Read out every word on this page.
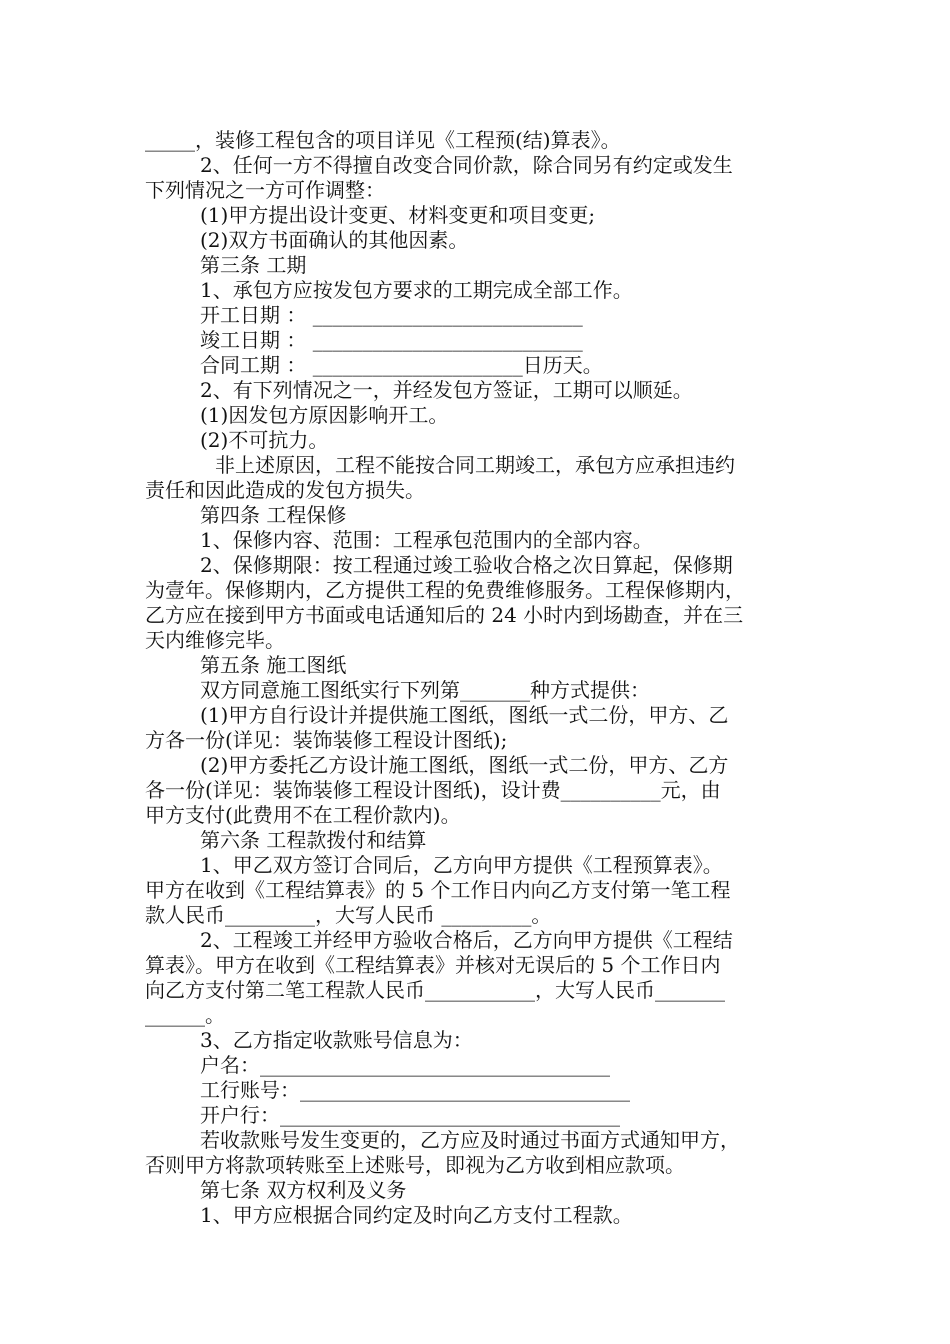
_____，装修工程包含的项目详见《工程预(结)算表》。
2、任何一方不得擅自改变合同价款，除合同另有约定或发生
下列情况之一方可作调整：
(1)甲方提出设计变更、材料变更和项目变更;
(2)双方书面确认的其他因素。
第三条 工期
1、承包方应按发包方要求的工期完成全部工作。
开工日期 ： ___________________________
竣工日期 ： ___________________________
合同工期 ： _____________________日历天。
2、有下列情况之一，并经发包方签证，工期可以顺延。
(1)因发包方原因影响开工。
(2)不可抗力。
非上述原因，工程不能按合同工期竣工，承包方应承担违约
责任和因此造成的发包方损失。
第四条 工程保修
1、保修内容、范围：工程承包范围内的全部内容。
2、保修期限：按工程通过竣工验收合格之次日算起，保修期
为壹年。保修期内，乙方提供工程的免费维修服务。工程保修期内，
乙方应在接到甲方书面或电话通知后的 24 小时内到场勘查，并在三
天内维修完毕。
第五条 施工图纸
双方同意施工图纸实行下列第_______种方式提供：
(1)甲方自行设计并提供施工图纸，图纸一式二份，甲方、乙
方各一份(详见：装饰装修工程设计图纸);
(2)甲方委托乙方设计施工图纸，图纸一式二份，甲方、乙方
各一份(详见：装饰装修工程设计图纸)，设计费__________元，由
甲方支付(此费用不在工程价款内)。
第六条 工程款拨付和结算
1、甲乙双方签订合同后，乙方向甲方提供《工程预算表》。
甲方在收到《工程结算表》的 5 个工作日内向乙方支付第一笔工程
款人民币_________，大写人民币 _________。
2、工程竣工并经甲方验收合格后，乙方向甲方提供《工程结
算表》。甲方在收到《工程结算表》并核对无误后的 5 个工作日内
向乙方支付第二笔工程款人民币___________，大写人民币_______
______。
3、乙方指定收款账号信息为：
户名：___________________________________
工行账号：_________________________________
开户行：__________________________________
若收款账号发生变更的，乙方应及时通过书面方式通知甲方，
否则甲方将款项转账至上述账号，即视为乙方收到相应款项。
第七条 双方权利及义务
1、甲方应根据合同约定及时向乙方支付工程款。
